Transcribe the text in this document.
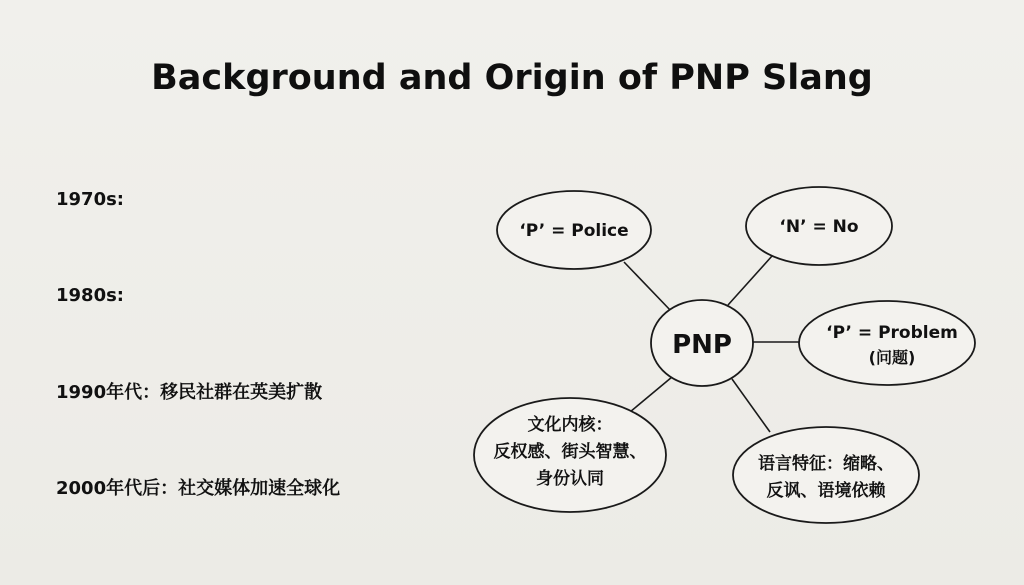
Background and Origin of PNP Slang
1970s:
1980s:
1990年代：移民社群在英美扩散
2000年代后：社交媒体加速全球化
PNP
‘P’ = Police	‘N’ = No
‘P’ = Problem
(问题)
语言特征：缩略、
反讽、语境依赖
文化内核：
反权感、街头智慧、
身份认同
